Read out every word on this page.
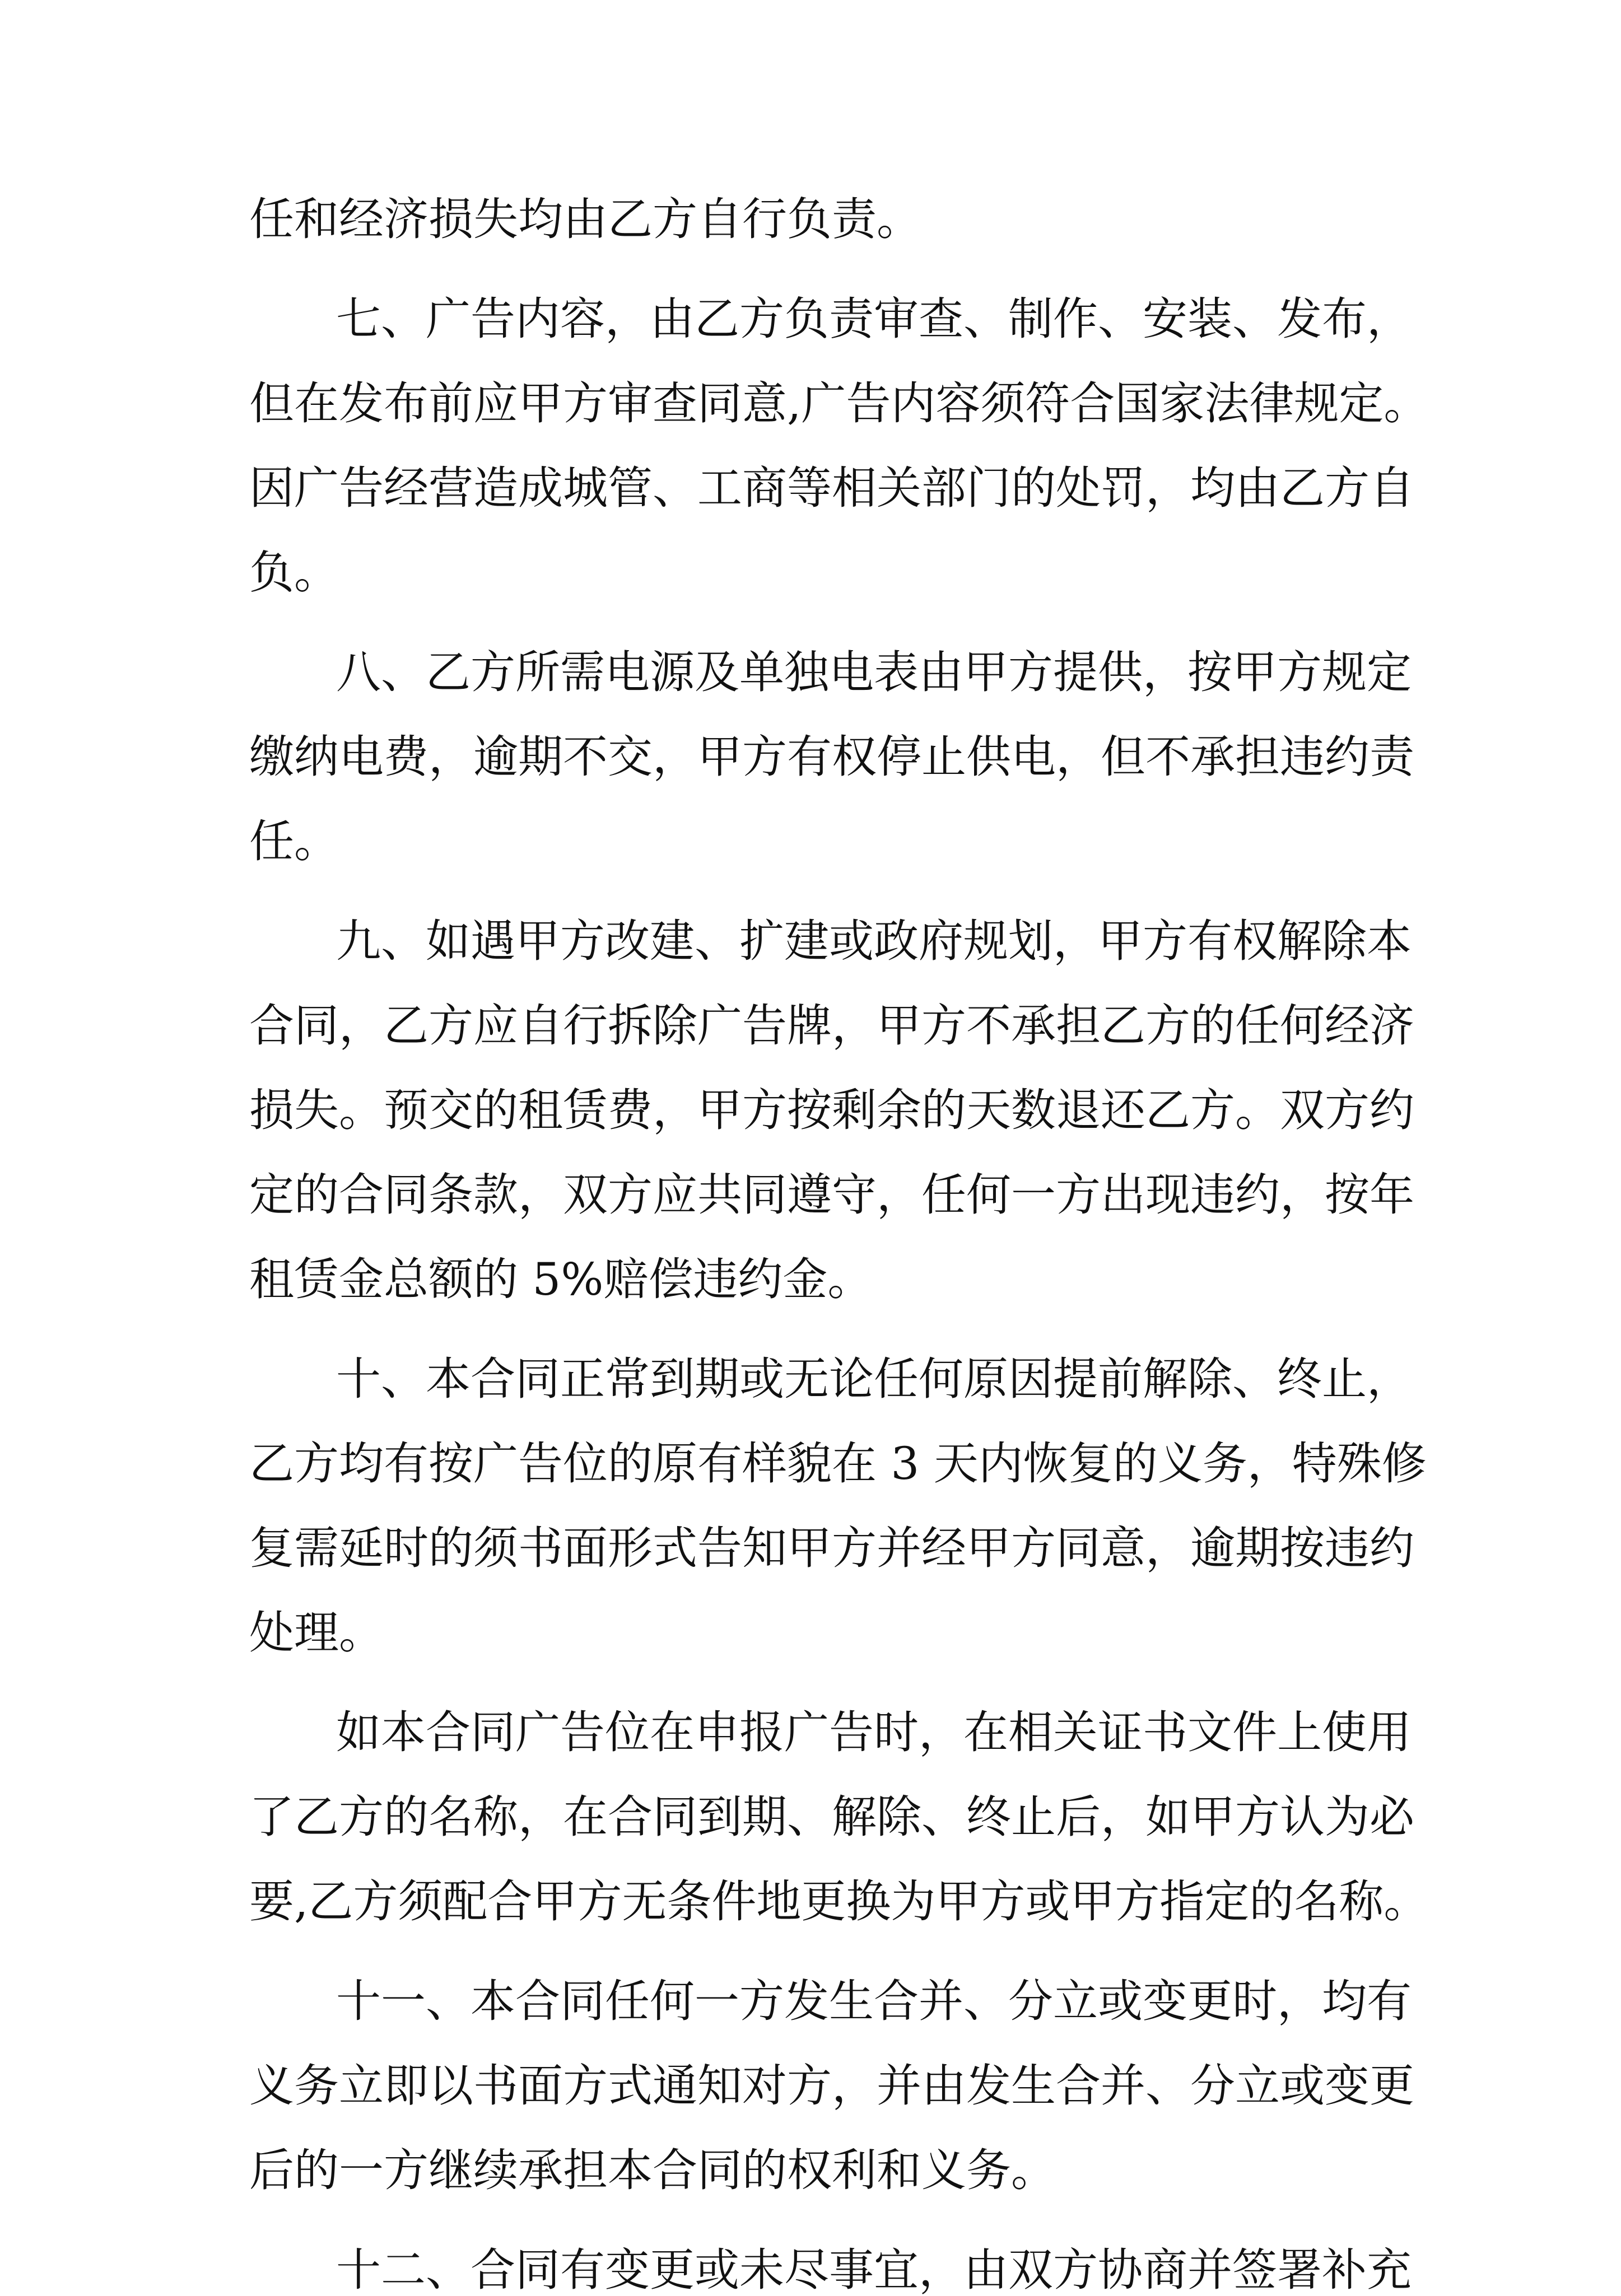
任和经济损失均由乙方自行负责。

七、广告内容，由乙方负责审查、制作、安装、发布，

但在发布前应甲方审查同意,广告内容须符合国家法律规定。

因广告经营造成城管、工商等相关部门的处罚，均由乙方自

负。

八、乙方所需电源及单独电表由甲方提供，按甲方规定

缴纳电费，逾期不交，甲方有权停止供电，但不承担违约责

任。

九、如遇甲方改建、扩建或政府规划，甲方有权解除本

合同，乙方应自行拆除广告牌，甲方不承担乙方的任何经济

损失。预交的租赁费，甲方按剩余的天数退还乙方。双方约

定的合同条款，双方应共同遵守，任何一方出现违约，按年

租赁金总额的 5%赔偿违约金。

十、本合同正常到期或无论任何原因提前解除、终止，

乙方均有按广告位的原有样貌在 3 天内恢复的义务，特殊修

复需延时的须书面形式告知甲方并经甲方同意，逾期按违约

处理。

如本合同广告位在申报广告时，在相关证书文件上使用

了乙方的名称，在合同到期、解除、终止后，如甲方认为必

要,乙方须配合甲方无条件地更换为甲方或甲方指定的名称。

十一、本合同任何一方发生合并、分立或变更时，均有

义务立即以书面方式通知对方，并由发生合并、分立或变更

后的一方继续承担本合同的权利和义务。

十二、合同有变更或未尽事宜，由双方协商并签署补充
